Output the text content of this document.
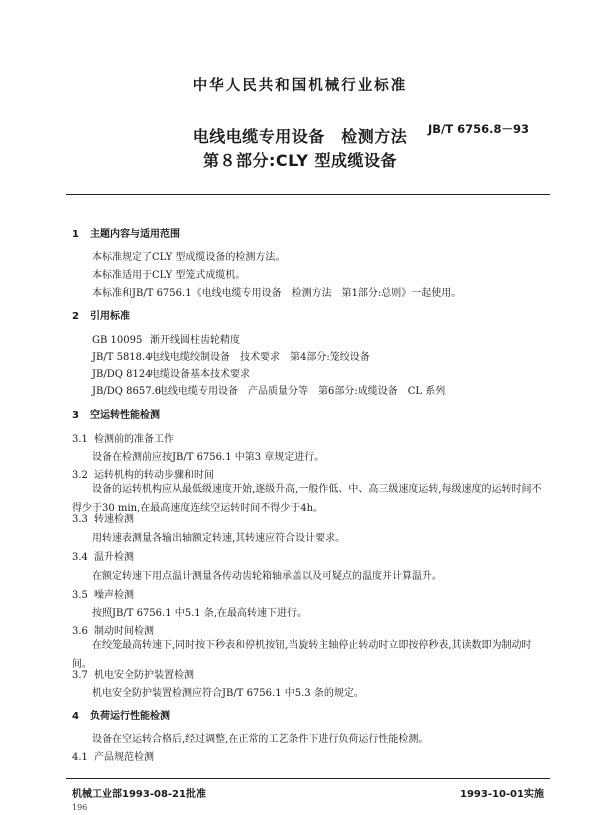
中华人民共和国机械行业标准
电线电缆专用设备　检测方法
第８部分:CLY 型成缆设备
JB/T 6756.8－93
1 主题内容与适用范围
本标准规定了CLY 型成缆设备的检测方法。
本标准适用于CLY 型笼式成缆机。
本标准和JB/T 6756.1《电线电缆专用设备　检测方法　第1部分:总则》一起使用。
2 引用标准
GB 10095 渐开线圆柱齿轮精度
JB/T 5818.4电线电缆绞制设备　技术要求　第4部分:笼绞设备
JB/DQ 8124电缆设备基本技术要求
JB/DQ 8657.6电线电缆专用设备　产品质量分等　第6部分:成缆设备　CL 系列
3 空运转性能检测
3.1 检测前的准备工作
设备在检测前应按JB/T 6756.1 中第3 章规定进行。
3.2 运转机构的转动步骤和时间
设备的运转机构应从最低级速度开始,逐级升高,一般作低、中、高三级速度运转,每级速度的运转时间不得少于30 min,在最高速度连续空运转时间不得少于4h。
3.3 转速检测
用转速表测量各输出轴额定转速,其转速应符合设计要求。
3.4 温升检测
在额定转速下用点温计测量各传动齿轮箱轴承盖以及可疑点的温度并计算温升。
3.5 噪声检测
按照JB/T 6756.1 中5.1 条,在最高转速下进行。
3.6 制动时间检测
在绞笼最高转速下,同时按下秒表和停机按钮,当旋转主轴停止转动时立即按停秒表,其读数即为制动时间。
3.7 机电安全防护装置检测
机电安全防护装置检测应符合JB/T 6756.1 中5.3 条的规定。
4 负荷运行性能检测
设备在空运转合格后,经过调整,在正常的工艺条件下进行负荷运行性能检测。
4.1 产品规范检测
机械工业部1993-08-21批准	1993-10-01实施
196
